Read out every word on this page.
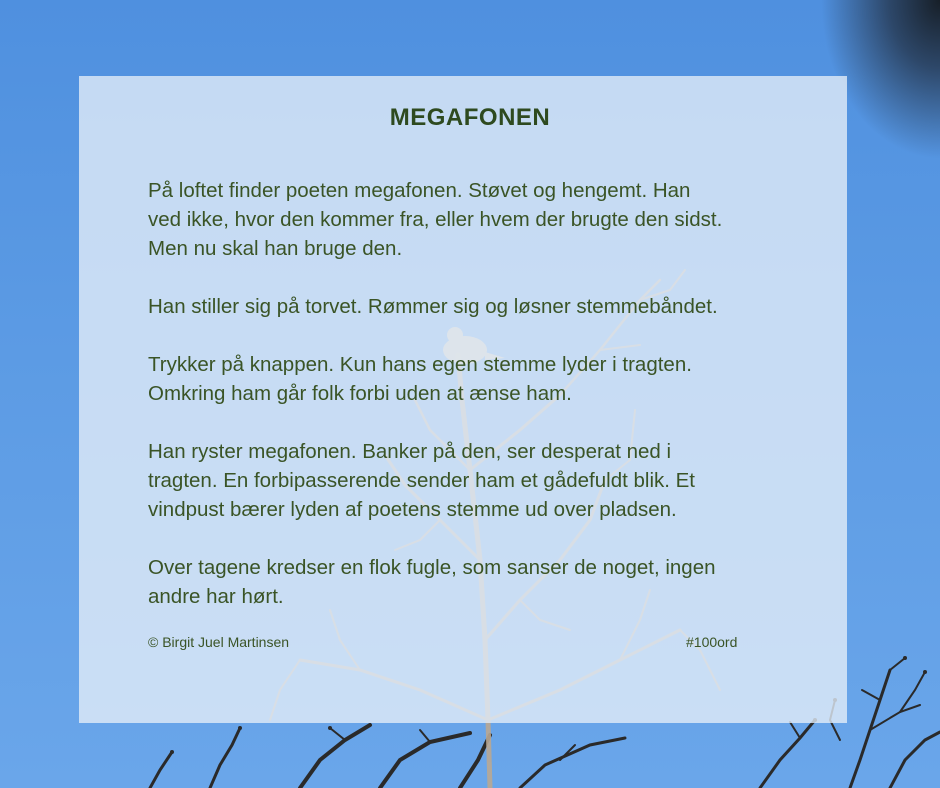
MEGAFONEN

På loftet finder poeten megafonen. Støvet og hengemt. Han
ved ikke, hvor den kommer fra, eller hvem der brugte den sidst.
Men nu skal han bruge den.

Han stiller sig på torvet. Rømmer sig og løsner stemmebåndet.

Trykker på knappen. Kun hans egen stemme lyder i tragten.
Omkring ham går folk forbi uden at ænse ham.

Han ryster megafonen. Banker på den, ser desperat ned i
tragten. En forbipasserende sender ham et gådefuldt blik. Et
vindpust bærer lyden af poetens stemme ud over pladsen.

Over tagene kredser en flok fugle, som sanser de noget, ingen
andre har hørt.

© Birgit Juel Martinsen	#100ord
